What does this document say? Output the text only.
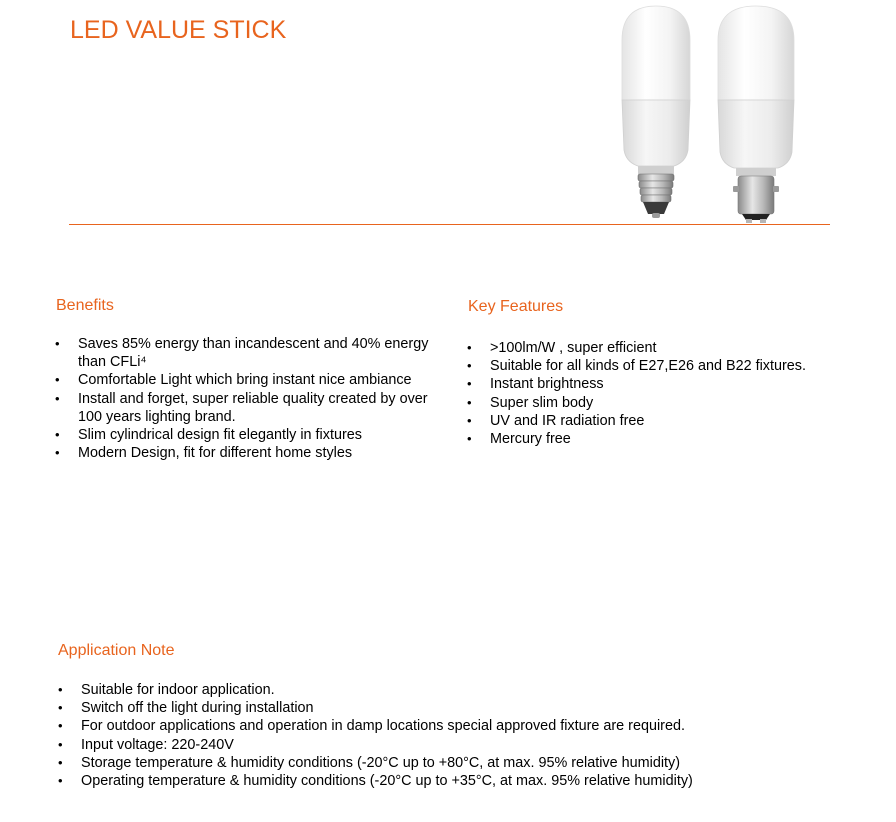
LED VALUE STICK
Benefits
•	Saves 85% energy than incandescent and 40% energy
than CFLi⁴
•	Comfortable Light which bring instant nice ambiance
•	Install and forget, super reliable quality created by over
100 years lighting brand.
•	Slim cylindrical design fit elegantly in fixtures
•	Modern Design, fit for different home styles
Key Features
•	>100lm/W , super efficient
•	Suitable for all kinds of E27,E26 and B22 fixtures.
•	Instant brightness
•	Super slim body
•	UV and IR radiation free
•	Mercury free
Application Note
•	Suitable for indoor application.
•	Switch off the light during installation
•	For outdoor applications and operation in damp locations special approved fixture are required.
•	Input voltage: 220-240V
•	Storage temperature & humidity conditions (-20°C up to +80°C, at max. 95% relative humidity)
•	Operating temperature & humidity conditions (-20°C up to +35°C, at max. 95% relative humidity)
